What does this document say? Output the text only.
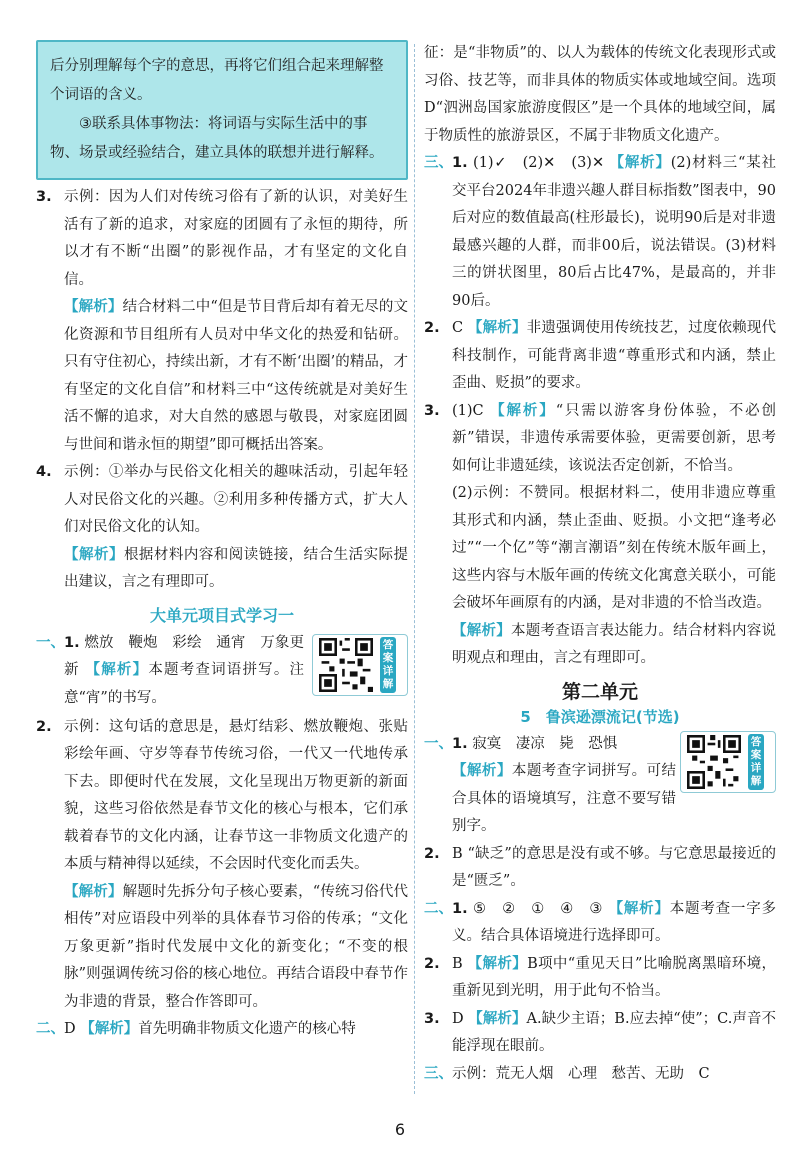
后分别理解每个字的意思，再将它们组合起来理解整个词语的含义。

③联系具体事物法：将词语与实际生活中的事物、场景或经验结合，建立具体的联想并进行解释。

3. 示例：因为人们对传统习俗有了新的认识，对美好生活有了新的追求，对家庭的团圆有了永恒的期待，所以才有不断“出圈”的影视作品，才有坚定的文化自信。
【 解析 】 结合材料二中“但是节目背后却有着无尽的文化资源和节目组所有人员对中华文化的热爱和钻研。只有守住初心，持续出新，才有不断‘出圈’的精品，才有坚定的文化自信”和材料三中“这传统就是对美好生活不懈的追求，对大自然的感恩与敬畏，对家庭团圆与世间和谐永恒的期望”即可概括出答案。
4. 示例：①举办与民俗文化相关的趣味活动，引起年轻人对民俗文化的兴趣。②利用多种传播方式，扩大人们对民俗文化的认知。
【 解析 】 根据材料内容和阅读链接，结合生活实际提出建议，言之有理即可。
大单元项目式学习一
一、 1. 燃放　鞭炮　彩绘　通宵　万象更新 【 解析 】 本题考查词语拼写。注意“宵”的书写。
答案详解
2. 示例：这句话的意思是，悬灯结彩、燃放鞭炮、张贴彩绘年画、守岁等春节传统习俗，一代又一代地传承下去。即便时代在发展，文化呈现出万物更新的新面貌，这些习俗依然是春节文化的核心与根本，它们承载着春节的文化内涵，让春节这一非物质文化遗产的本质与精神得以延续，不会因时代变化而丢失。
【 解析 】 解题时先拆分句子核心要素，“传统习俗代代相传”对应语段中列举的具体春节习俗的传承；“文化万象更新”指时代发展中文化的新变化；“不变的根脉”则强调传统习俗的核心地位。再结合语段中春节作为非遗的背景，整合作答即可。
二、 D 【 解析 】 首先明确非物质文化遗产的核心特

征：是“非物质”的、以人为载体的传统文化表现形式或习俗、技艺等，而非具体的物质实体或地域空间。选项D“泗洲岛国家旅游度假区”是一个具体的地域空间，属于物质性的旅游景区，不属于非物质文化遗产。

三、 1. (1)✓　(2)✕　(3)✕ 【 解析 】 (2)材料三“某社交平台2024年非遗兴趣人群目标指数”图表中，90后对应的数值最高(柱形最长)，说明90后是对非遗最感兴趣的人群，而非00后，说法错误。(3)材料三的饼状图里，80后占比47%，是最高的，并非90后。
2. C 【 解析 】 非遗强调使用传统技艺，过度依赖现代科技制作，可能背离非遗“尊重形式和内涵，禁止歪曲、贬损”的要求。
3. (1)C 【 解析 】 “只需以游客身份体验，不必创新”错误，非遗传承需要体验，更需要创新，思考如何让非遗延续，该说法否定创新，不恰当。
(2)示例：不赞同。根据材料二，使用非遗应尊重其形式和内涵，禁止歪曲、贬损。小文把“逢考必过”“一个亿”等“潮言潮语”刻在传统木版年画上，这些内容与木版年画的传统文化寓意关联小，可能会破坏年画原有的内涵，是对非遗的不恰当改造。
【 解析 】 本题考查语言表达能力。结合材料内容说明观点和理由，言之有理即可。
第二单元
5　鲁滨逊漂流记(节选)
一、 1. 寂寞　凄凉　毙　恐惧
【 解析 】 本题考查字词拼写。可结合具体的语境填写，注意不要写错别字。
答案详解
2. B “缺乏”的意思是没有或不够。与它意思最接近的是“匮乏”。
二、 1. ⑤　②　①　④　③ 【 解析 】 本题考查一字多义。结合具体语境进行选择即可。
2. B 【 解析 】 B项中“重见天日”比喻脱离黑暗环境，重新见到光明，用于此句不恰当。
3. D 【 解析 】 A.缺少主语；B.应去掉“使”；C.声音不能浮现在眼前。
三、 示例：荒无人烟　心理　愁苦、无助　C
6
